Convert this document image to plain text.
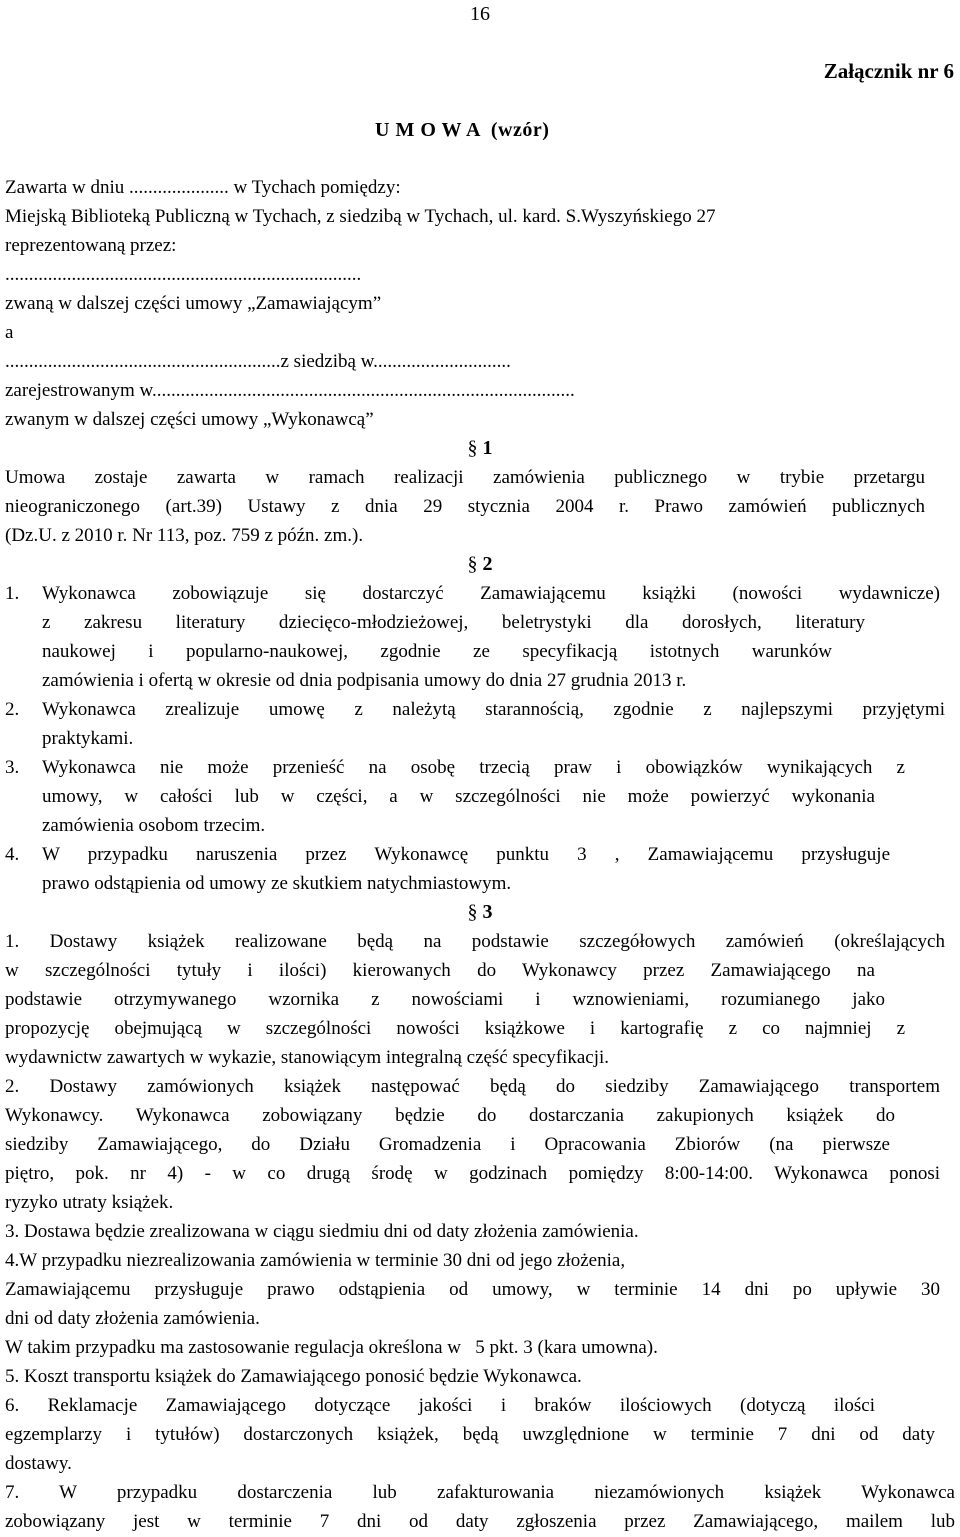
16
Załącznik nr 6
U M O W A  (wzór)
Zawarta w dniu ..................... w Tychach pomiędzy:
Miejską Biblioteką Publiczną w Tychach, z siedzibą w Tychach, ul. kard. S.Wyszyńskiego 27
reprezentowaną przez:
...........................................................................
zwaną w dalszej części umowy „Zamawiającym”
a
..........................................................z siedzibą w.............................
zarejestrowanym w.........................................................................................
zwanym w dalszej części umowy „Wykonawcą”
§ 1
Umowa zostaje zawarta w ramach realizacji zamówienia publicznego w trybie przetargu
nieograniczonego (art.39) Ustawy z dnia 29 stycznia 2004 r. Prawo zamówień publicznych
(Dz.U. z 2010 r. Nr 113, poz. 759 z późn. zm.).
§ 2
1. Wykonawca zobowiązuje się dostarczyć Zamawiającemu książki (nowości wydawnicze)
z zakresu literatury dziecięco-młodzieżowej, beletrystyki dla dorosłych, literatury
naukowej i popularno-naukowej, zgodnie ze specyfikacją istotnych warunków
zamówienia i ofertą w okresie od dnia podpisania umowy do dnia 27 grudnia 2013 r.
2. Wykonawca zrealizuje umowę z należytą starannością, zgodnie z najlepszymi przyjętymi
praktykami.
3. Wykonawca nie może przenieść na osobę trzecią praw i obowiązków wynikających z
umowy, w całości lub w części, a w szczególności nie może powierzyć wykonania
zamówienia osobom trzecim.
4. W przypadku naruszenia przez Wykonawcę punktu 3 , Zamawiającemu przysługuje
prawo odstąpienia od umowy ze skutkiem natychmiastowym.
§ 3
1. Dostawy książek realizowane będą na podstawie szczegółowych zamówień (określających
w szczególności tytuły i ilości) kierowanych do Wykonawcy przez Zamawiającego na
podstawie otrzymywanego wzornika z nowościami i wznowieniami, rozumianego jako
propozycję obejmującą w szczególności nowości książkowe i kartografię z co najmniej z
wydawnictw zawartych w wykazie, stanowiącym integralną część specyfikacji.
2. Dostawy zamówionych książek następować będą do siedziby Zamawiającego transportem
Wykonawcy. Wykonawca zobowiązany będzie do dostarczania zakupionych książek do
siedziby Zamawiającego, do Działu Gromadzenia i Opracowania Zbiorów (na pierwsze
piętro, pok. nr 4) - w co drugą środę w godzinach pomiędzy 8:00-14:00. Wykonawca ponosi
ryzyko utraty książek.
3. Dostawa będzie zrealizowana w ciągu siedmiu dni od daty złożenia zamówienia.
4.W przypadku niezrealizowania zamówienia w terminie 30 dni od jego złożenia,
Zamawiającemu przysługuje prawo odstąpienia od umowy, w terminie 14 dni po upływie 30
dni od daty złożenia zamówienia.
W takim przypadku ma zastosowanie regulacja określona w   5 pkt. 3 (kara umowna).
5. Koszt transportu książek do Zamawiającego ponosić będzie Wykonawca.
6. Reklamacje Zamawiającego dotyczące jakości i braków ilościowych (dotyczą ilości
egzemplarzy i tytułów) dostarczonych książek, będą uwzględnione w terminie 7 dni od daty
dostawy.
7. W przypadku dostarczenia lub zafakturowania niezamówionych książek Wykonawca
zobowiązany jest w terminie 7 dni od daty zgłoszenia przez Zamawiającego, mailem lub
